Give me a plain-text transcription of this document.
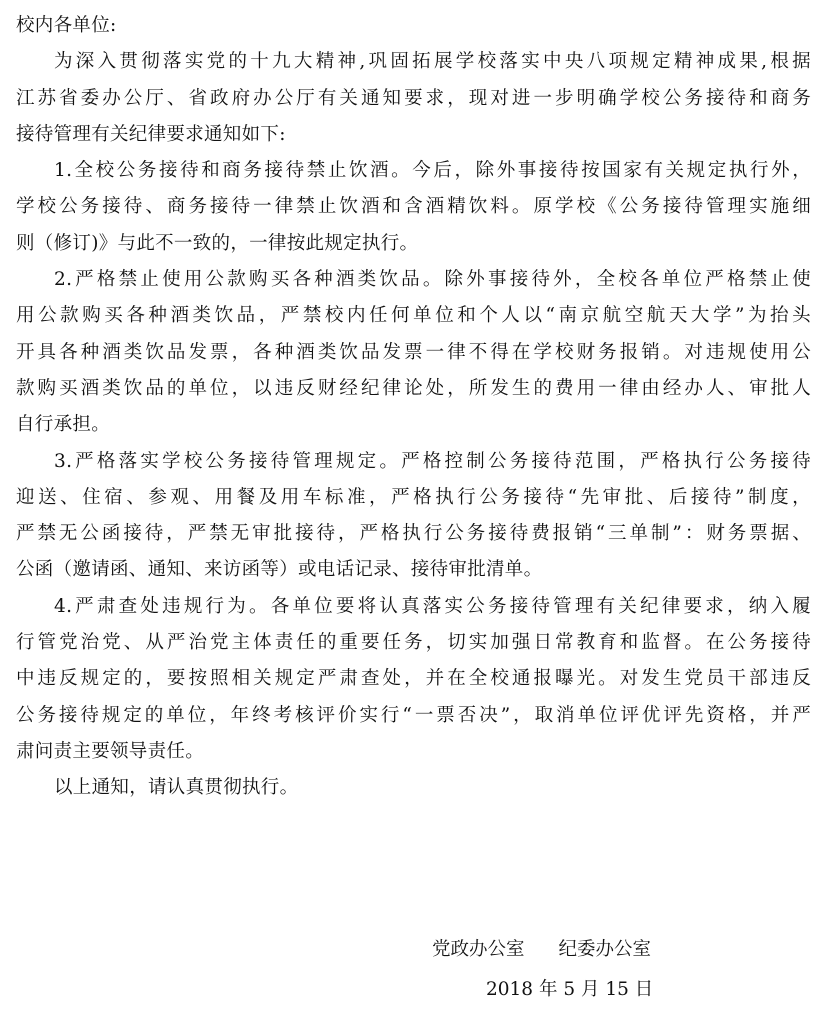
校内各单位:
为深入贯彻落实党的十九大精神,巩固拓展学校落实中央八项规定精神成果,根据
江苏省委办公厅、省政府办公厅有关通知要求，现对进一步明确学校公务接待和商务
接待管理有关纪律要求通知如下:
1.全校公务接待和商务接待禁止饮酒。今后，除外事接待按国家有关规定执行外，
学校公务接待、商务接待一律禁止饮酒和含酒精饮料。原学校《公务接待管理实施细
则（修订)》与此不一致的，一律按此规定执行。
2.严格禁止使用公款购买各种酒类饮品。除外事接待外，全校各单位严格禁止使
用公款购买各种酒类饮品，严禁校内任何单位和个人以“南京航空航天大学”为抬头
开具各种酒类饮品发票，各种酒类饮品发票一律不得在学校财务报销。对违规使用公
款购买酒类饮品的单位，以违反财经纪律论处，所发生的费用一律由经办人、审批人
自行承担。
3.严格落实学校公务接待管理规定。严格控制公务接待范围，严格执行公务接待
迎送、住宿、参观、用餐及用车标准，严格执行公务接待“先审批、后接待”制度，
严禁无公函接待，严禁无审批接待，严格执行公务接待费报销“三单制”：财务票据、
公函（邀请函、通知、来访函等）或电话记录、接待审批清单。
4.严肃查处违规行为。各单位要将认真落实公务接待管理有关纪律要求，纳入履
行管党治党、从严治党主体责任的重要任务，切实加强日常教育和监督。在公务接待
中违反规定的，要按照相关规定严肃查处，并在全校通报曝光。对发生党员干部违反
公务接待规定的单位，年终考核评价实行“一票否决”，取消单位评优评先资格，并严
肃问责主要领导责任。
以上通知，请认真贯彻执行。
党政办公室 纪委办公室
2018 年 5 月 15 日
